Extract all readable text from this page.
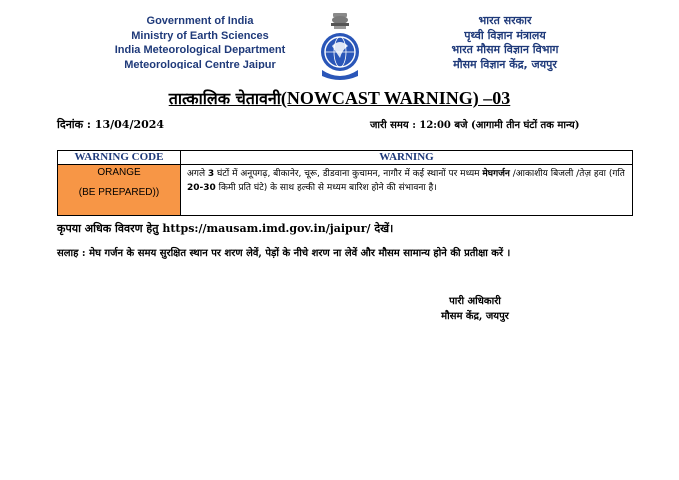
Government of India
Ministry of Earth Sciences
India Meteorological Department
Meteorological Centre Jaipur
भारत सरकार
पृथ्वी विज्ञान मंत्रालय
भारत मौसम विज्ञान विभाग
मौसम विज्ञान केंद्र, जयपुर
तात्कालिक चेतावनी(NOWCAST WARNING) –03
दिनांक : 13/04/2024	जारी समय : 12:00 बजे (आगामी तीन घंटों तक मान्य)
WARNING CODE	WARNING

ORANGE
(BE PREPARED))	अगले 3 घंटों में अनूपगढ़, बीकानेर, चूरू, डीडवाना कुचामन, नागौर में कई स्थानों पर मध्यम मेघगर्जन /आकाशीय बिजली /तेज़ हवा (गति 20-30 किमी प्रति घंटे) के साथ हल्की से मध्यम बारिश होने की संभावना है।
कृपया अधिक विवरण हेतु https://mausam.imd.gov.in/jaipur/ देखें।
सलाह : मेघ गर्जन के समय सुरक्षित स्थान पर शरण लेवें, पेड़ों के नीचे शरण ना लेवें और मौसम सामान्य होने की प्रतीक्षा करें ।
पारी अधिकारी
मौसम केंद्र, जयपुर
